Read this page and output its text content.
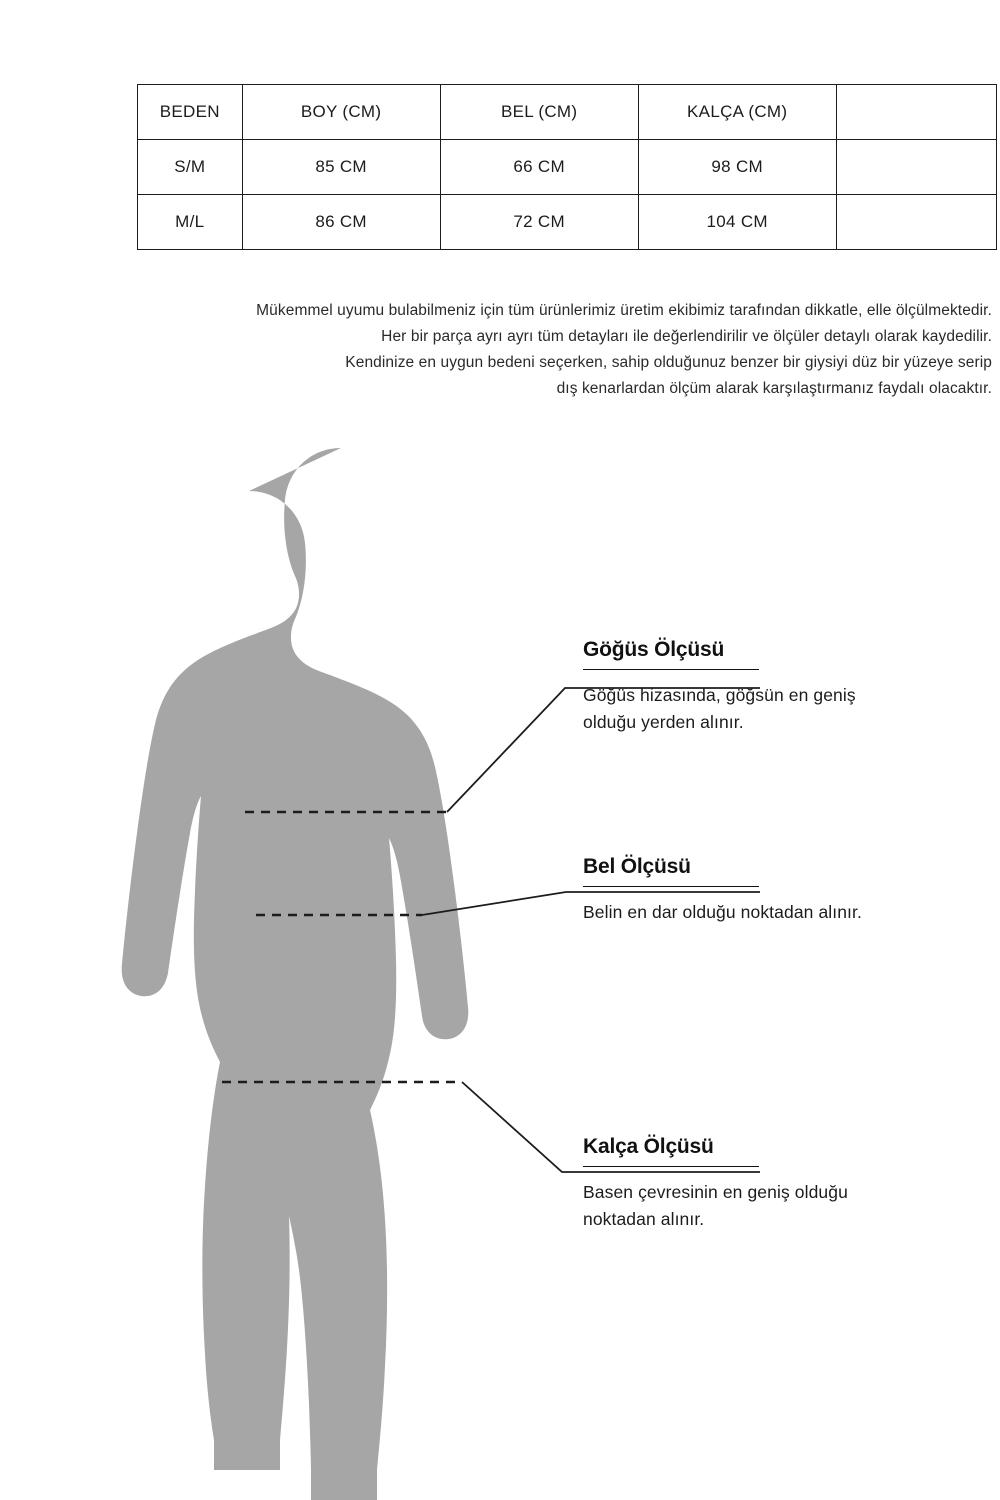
BEDEN	BOY (CM)	BEL (CM)	KALÇA (CM)	
S/M	85 CM	66 CM	98 CM	
M/L	86 CM	72 CM	104 CM	

Mükemmel uyumu bulabilmeniz için tüm ürünlerimiz üretim ekibimiz tarafından dikkatle, elle ölçülmektedir.

Her bir parça ayrı ayrı tüm detayları ile değerlendirilir ve ölçüler detaylı olarak kaydedilir.

Kendinize en uygun bedeni seçerken, sahip olduğunuz benzer bir giysiyi düz bir yüzeye serip

dış kenarlardan ölçüm alarak karşılaştırmanız faydalı olacaktır.

Göğüs Ölçüsü
Göğüs hizasında, göğsün en geniş olduğu yerden alınır.
Bel Ölçüsü
Belin en dar olduğu noktadan alınır.
Kalça Ölçüsü
Basen çevresinin en geniş olduğu noktadan alınır.
